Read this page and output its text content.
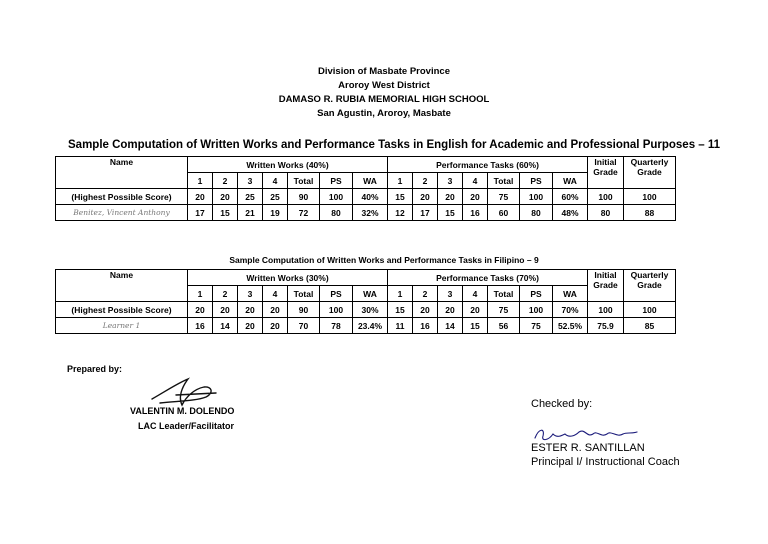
Division of Masbate Province
Aroroy West District
DAMASO R. RUBIA MEMORIAL HIGH SCHOOL
San Agustin, Aroroy, Masbate
Sample Computation of Written Works and Performance Tasks in English for Academic and Professional Purposes – 11
Name	Written Works (40%)							Performance Tasks (60%)							Initial Grade	Quarterly Grade
	1	2	3	4	Total	PS	WA	1	2	3	4	Total	PS	WA		
(Highest Possible Score)	20	20	25	25	90	100	40%	15	20	20	20	75	100	60%	100	100
Benitez, Vincent Anthony	17	15	21	19	72	80	32%	12	17	15	16	60	80	48%	80	88
Sample Computation of Written Works and Performance Tasks in Filipino – 9
Name	Written Works (30%)							Performance Tasks (70%)							Initial Grade	Quarterly Grade
	1	2	3	4	Total	PS	WA	1	2	3	4	Total	PS	WA		
(Highest Possible Score)	20	20	20	20	90	100	30%	15	20	20	20	75	100	70%	100	100
Learner 1	16	14	20	20	70	78	23.4%	11	16	14	15	56	75	52.5%	75.9	85
Prepared by:
VALENTIN M. DOLENDO
LAC Leader/Facilitator
Checked by:
ESTER R. SANTILLAN
Principal I/ Instructional Coach
